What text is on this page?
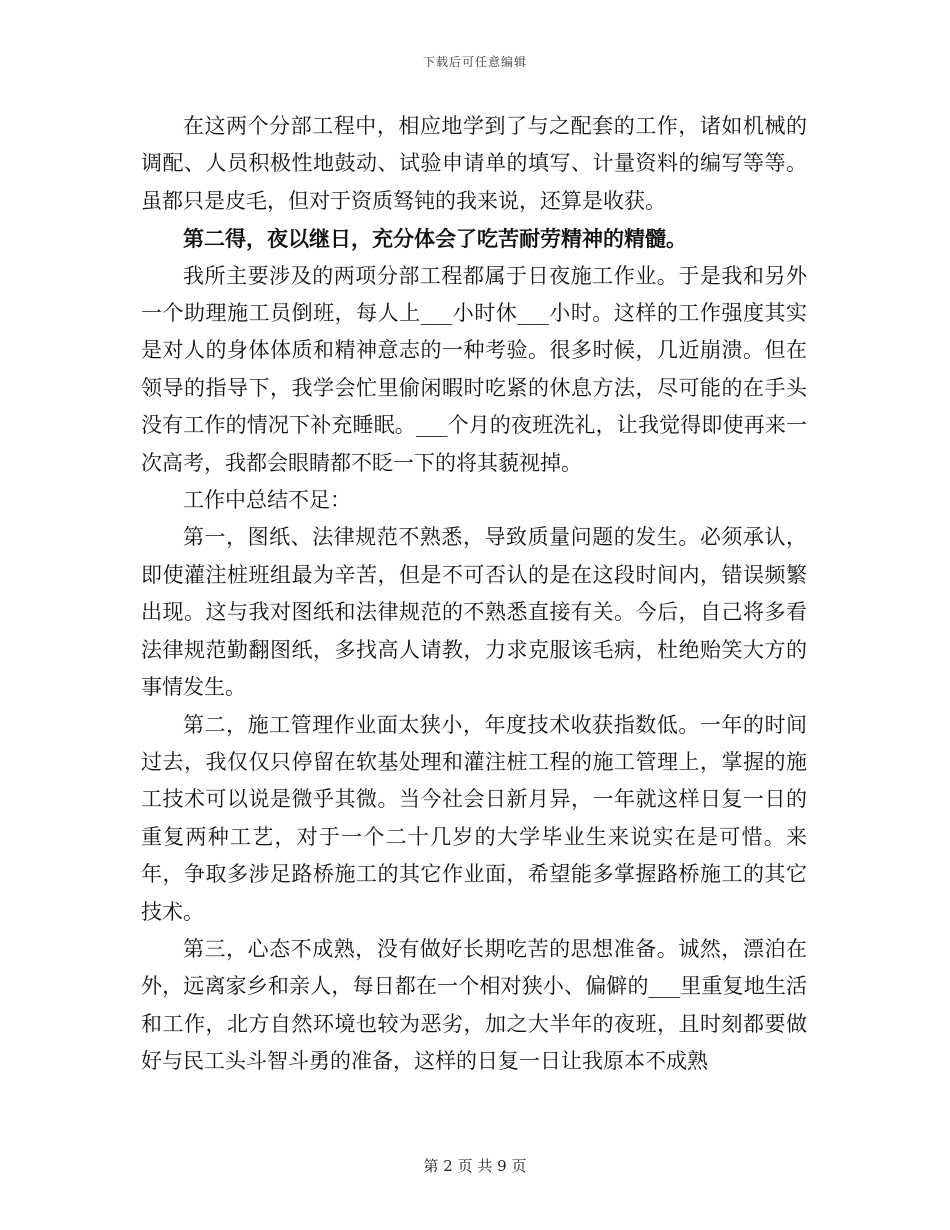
下载后可任意编辑

在这两个分部工程中，相应地学到了与之配套的工作，诸如机械的调配、人员积极性地鼓动、试验申请单的填写、计量资料的编写等等。虽都只是皮毛，但对于资质驽钝的我来说，还算是收获。

第二得，夜以继日，充分体会了吃苦耐劳精神的精髓。

我所主要涉及的两项分部工程都属于日夜施工作业。于是我和另外一个助理施工员倒班，每人上___小时休___小时。这样的工作强度其实是对人的身体体质和精神意志的一种考验。很多时候，几近崩溃。但在领导的指导下，我学会忙里偷闲暇时吃紧的休息方法，尽可能的在手头没有工作的情况下补充睡眠。___个月的夜班洗礼，让我觉得即使再来一次高考，我都会眼睛都不眨一下的将其藐视掉。

工作中总结不足：

第一，图纸、法律规范不熟悉，导致质量问题的发生。必须承认，即使灌注桩班组最为辛苦，但是不可否认的是在这段时间内，错误频繁出现。这与我对图纸和法律规范的不熟悉直接有关。今后，自己将多看法律规范勤翻图纸，多找高人请教，力求克服该毛病，杜绝贻笑大方的事情发生。

第二，施工管理作业面太狭小，年度技术收获指数低。一年的时间过去，我仅仅只停留在软基处理和灌注桩工程的施工管理上，掌握的施工技术可以说是微乎其微。当今社会日新月异，一年就这样日复一日的重复两种工艺，对于一个二十几岁的大学毕业生来说实在是可惜。来年，争取多涉足路桥施工的其它作业面，希望能多掌握路桥施工的其它技术。

第三，心态不成熟，没有做好长期吃苦的思想准备。诚然，漂泊在外，远离家乡和亲人，每日都在一个相对狭小、偏僻的___里重复地生活和工作，北方自然环境也较为恶劣，加之大半年的夜班，且时刻都要做好与民工头斗智斗勇的准备，这样的日复一日让我原本不成熟

第 2 页 共 9 页
